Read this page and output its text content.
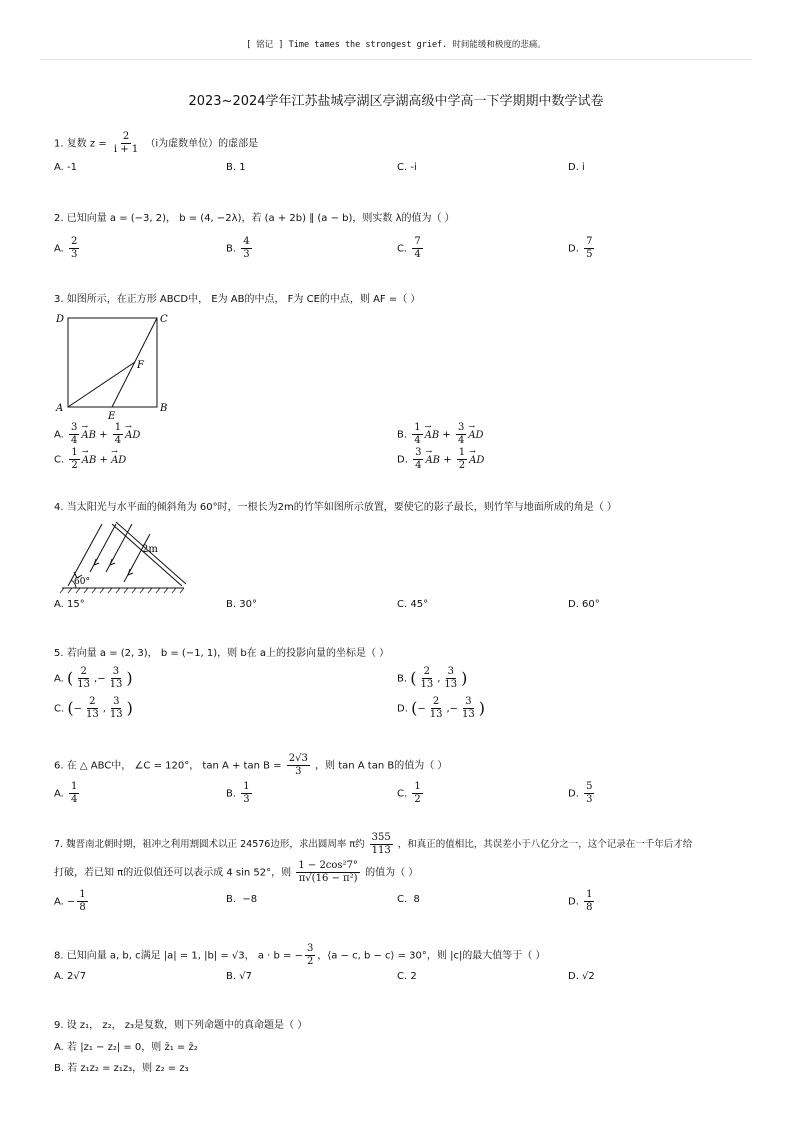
[ 铭记 ] Time tames the strongest grief. 时间能缓和极度的悲痛。
2023~2024学年江苏盐城亭湖区亭湖高级中学高一下学期期中数学试卷
1. 复数 $z = \frac{2}{i + 1} (i$为虚数单位）的虚部是
A. -1	B. 1	C. -i	D. i
2. 已知向量 a = (−3, 2)， b = (4, −2λ)，若 (a + 2b) ∥ (a − b)，则实数 λ的值为（ ）
A. $\frac{2}{3}$	B. $\frac{4}{3}$	C. $\frac{7}{4}$	D. $\frac{7}{5}$
3. 如图所示，在正方形 ABCD中， E为 AB的中点， F为 CE的中点，则 AF =（ ）
D	C
A	B
E
F
A. $\frac{3}{4}$ → AB + $\frac{1}{4}$ → AD	B. $\frac{1}{4}$ → AB + $\frac{3}{4}$ → AD
C. $\frac{1}{2}$ → AB + → AD	D. $\frac{3}{4}$ → AB + $\frac{1}{2}$ → AD
4. 当太阳光与水平面的倾斜角为 60°时，一根长为2m的竹竿如图所示放置，要使它的影子最长，则竹竿与地面所成的角是（ ）
60°
2m
A. 15°	B. 30°	C. 45°	D. 60°
5. 若向量 a = (2, 3)， b = (−1, 1)，则 b在 a上的投影向量的坐标是（ ）
A. ( $\frac{2}{13}$ ,− $\frac{3}{13}$ )	B. ( $\frac{2}{13}$ , $\frac{3}{13}$ )
C. (− $\frac{2}{13}$ , $\frac{3}{13}$ )	D. (− $\frac{2}{13}$ ,− $\frac{3}{13}$ )
6. 在 △ ABC中， ∠C = 120°， $\tan A + \tan B = \frac{2√3}{3}$ ，则 tan A tan B的值为（ ）
A. $\frac{1}{4}$	B. $\frac{1}{3}$	C. $\frac{1}{2}$	D. $\frac{5}{3}$
7. 魏晋南北朝时期，祖冲之利用割圆术以正 24576边形，求出圆周率 π约 $\frac{355}{113}$ ，和真正的值相比，其误差小于八亿分之一，这个记录在一千年后才给
打破，若已知 π的近似值还可以表示成 4 sin 52°，则 $\frac{\text{1 − 2cos²7°}}{\text{π√(16 − π²)}}$ 的值为（ ）
A. − $\frac{1}{8}$	B. −8	C. 8	D. $\frac{1}{8}$
8. 已知向量 a, b, c满足 |a| = 1, |b| = √3， a · b = − $\frac{3}{2}$ ，⟨a − c, b − c⟩ = 30°，则 |c|的最大值等于（ ）
A. 2√7	B. √7	C. 2	D. √2
9. 设 z₁， z₂， z₃是复数，则下列命题中的真命题是（ ）
A. 若 |z₁ − z₂| = 0，则 z̄₁ = z̄₂
B. 若 z₁z₂ = z₁z₃，则 z₂ = z₃
